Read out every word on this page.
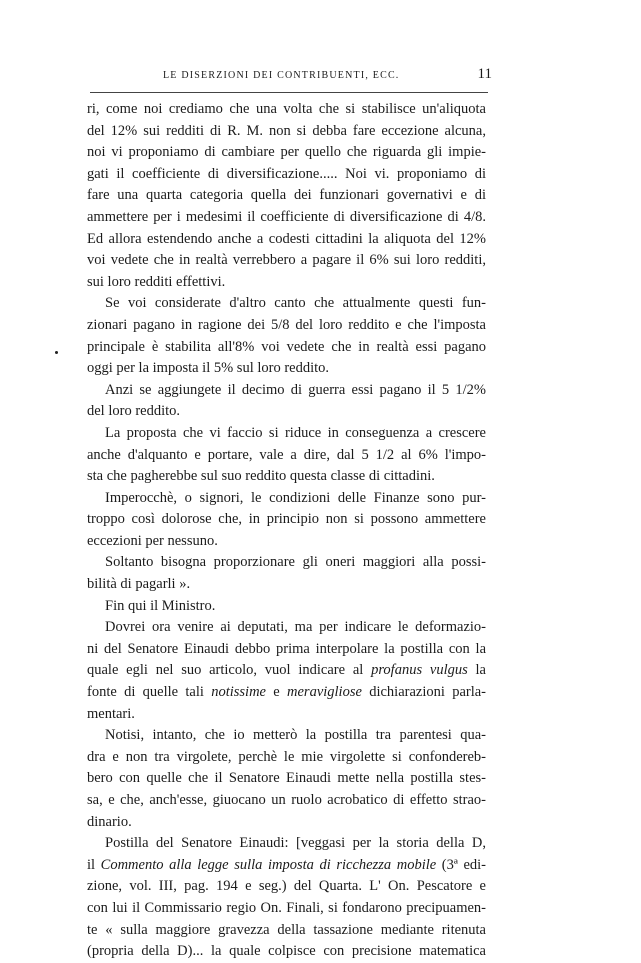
LE DISERZIONI DEI CONTRIBUENTI, ECC.	11
ri, come noi crediamo che una volta che si stabilisce un'aliquota
del 12% sui redditi di R. M. non si debba fare eccezione alcuna,
noi vi proponiamo di cambiare per quello che riguarda gli impie-
gati il coefficiente di diversificazione..... Noi vi. proponiamo di
fare una quarta categoria quella dei funzionari governativi e di
ammettere per i medesimi il coefficiente di diversificazione di 4/8.
Ed allora estendendo anche a codesti cittadini la aliquota del 12%
voi vedete che in realtà verrebbero a pagare il 6% sui loro redditi,
sui loro redditi effettivi.
Se voi considerate d'altro canto che attualmente questi fun-
zionari pagano in ragione dei 5/8 del loro reddito e che l'imposta
principale è stabilita all'8% voi vedete che in realtà essi pagano
oggi per la imposta il 5% sul loro reddito.
Anzi se aggiungete il decimo di guerra essi pagano il 5 1/2%
del loro reddito.
La proposta che vi faccio si riduce in conseguenza a crescere
anche d'alquanto e portare, vale a dire, dal 5 1/2 al 6% l'impo-
sta che pagherebbe sul suo reddito questa classe di cittadini.
Imperocchè, o signori, le condizioni delle Finanze sono pur-
troppo così dolorose che, in principio non si possono ammettere
eccezioni per nessuno.
Soltanto bisogna proporzionare gli oneri maggiori alla possi-
bilità di pagarli ».
Fin qui il Ministro.
Dovrei ora venire ai deputati, ma per indicare le deformazio-
ni del Senatore Einaudi debbo prima interpolare la postilla con la
quale egli nel suo articolo, vuol indicare al profanus vulgus la
fonte di quelle tali notissime e meravigliose dichiarazioni parla-
mentari.
Notisi, intanto, che io metterò la postilla tra parentesi qua-
dra e non tra virgolete, perchè le mie virgolette si confondereb-
bero con quelle che il Senatore Einaudi mette nella postilla stes-
sa, e che, anch'esse, giuocano un ruolo acrobatico di effetto strao-
dinario.
Postilla del Senatore Einaudi: [veggasi per la storia della D,
il Commento alla legge sulla imposta di ricchezza mobile (3ª edi-
zione, vol. III, pag. 194 e seg.) del Quarta. L' On. Pescatore e
con lui il Commissario regio On. Finali, si fondarono precipuamen-
te « sulla maggiore gravezza della tassazione mediante ritenuta
(propria della D)... la quale colpisce con precisione matematica
